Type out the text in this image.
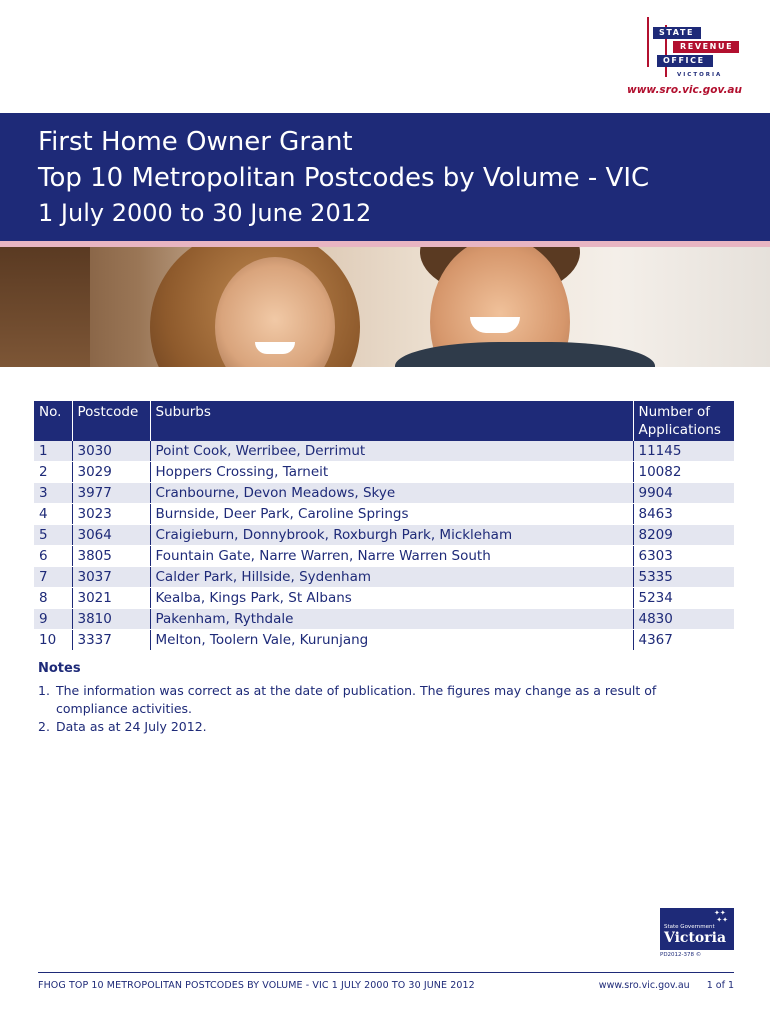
STATE
REVENUE
OFFICE
VICTORIA
www.sro.vic.gov.au
First Home Owner Grant
Top 10 Metropolitan Postcodes by Volume - VIC
1 July 2000 to 30 June 2012
No.	Postcode	Suburbs	Number of Applications
1	3030	Point Cook, Werribee, Derrimut	11145
2	3029	Hoppers Crossing, Tarneit	10082
3	3977	Cranbourne, Devon Meadows, Skye	9904
4	3023	Burnside, Deer Park, Caroline Springs	8463
5	3064	Craigieburn, Donnybrook, Roxburgh Park, Mickleham	8209
6	3805	Fountain Gate, Narre Warren, Narre Warren South	6303
7	3037	Calder Park, Hillside, Sydenham	5335
8	3021	Kealba, Kings Park, St Albans	5234
9	3810	Pakenham, Rythdale	4830
10	3337	Melton, Toolern Vale, Kurunjang	4367
Notes
1. The information was correct as at the date of publication. The figures may change as a result of compliance activities.
2. Data as at 24 July 2012.
✦✦
✦✦
State Government
Victoria
PD2012-378 ©
FHOG TOP 10 METROPOLITAN POSTCODES BY VOLUME - VIC 1 JULY 2000 TO 30 JUNE 2012	www.sro.vic.gov.au 1 of 1
